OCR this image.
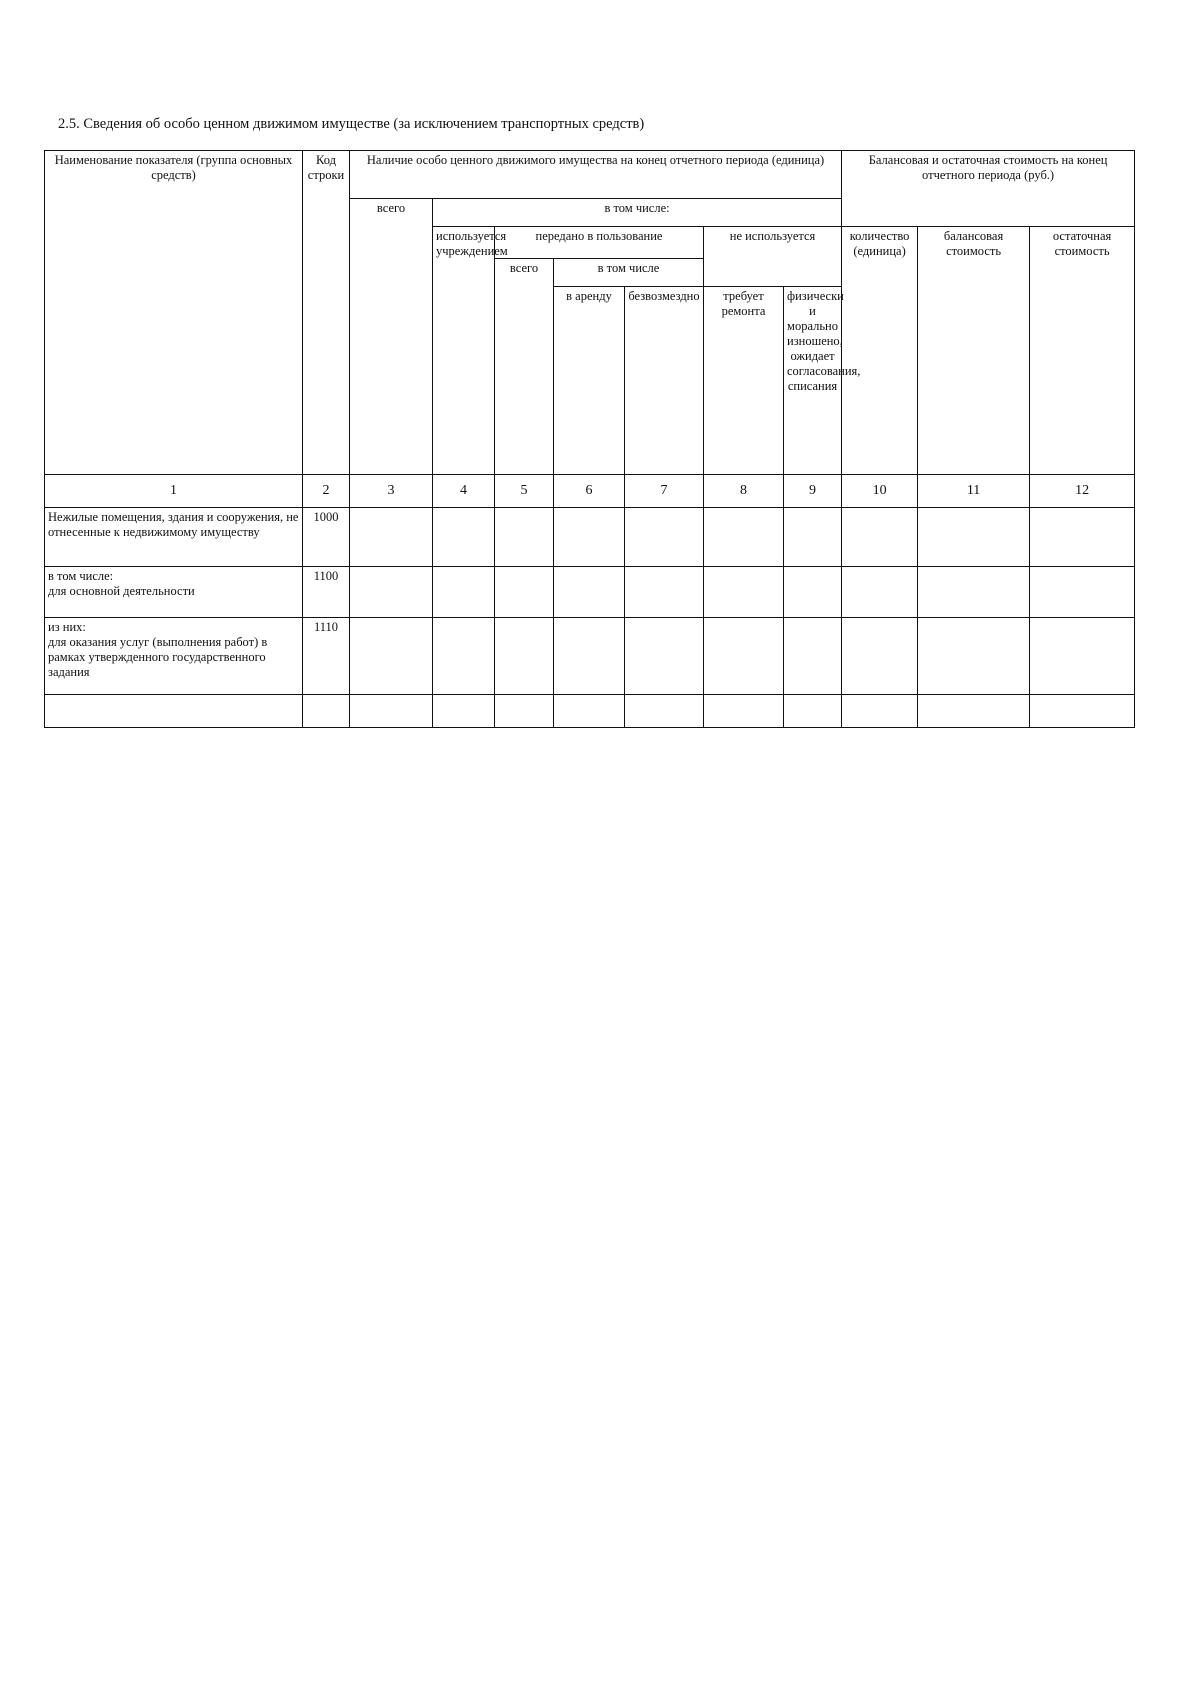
2.5. Сведения об особо ценном движимом имуществе (за исключением транспортных средств)
Наименование показателя (группа основных средств)	Код строки	Наличие особо ценного движимого имущества на конец отчетного периода (единица)							Балансовая и остаточная стоимость на конец отчетного периода (руб.)		
		всего	в том числе:								
			используется учреждением	передано в пользование			не используется		количество (единица)	балансовая стоимость	остаточная стоимость
				всего	в том числе						
					в аренду	безвозмездно	требует ремонта	физически и морально изношено, ожидает согласования, списания			
1	2	3	4	5	6	7	8	9	10	11	12
Нежилые помещения, здания и сооружения, не отнесенные к недвижимому имуществу	1000										
в том числе:
для основной деятельности	1100										
из них:
для оказания услуг (выполнения работ) в рамках утвержденного государственного задания	1110										
